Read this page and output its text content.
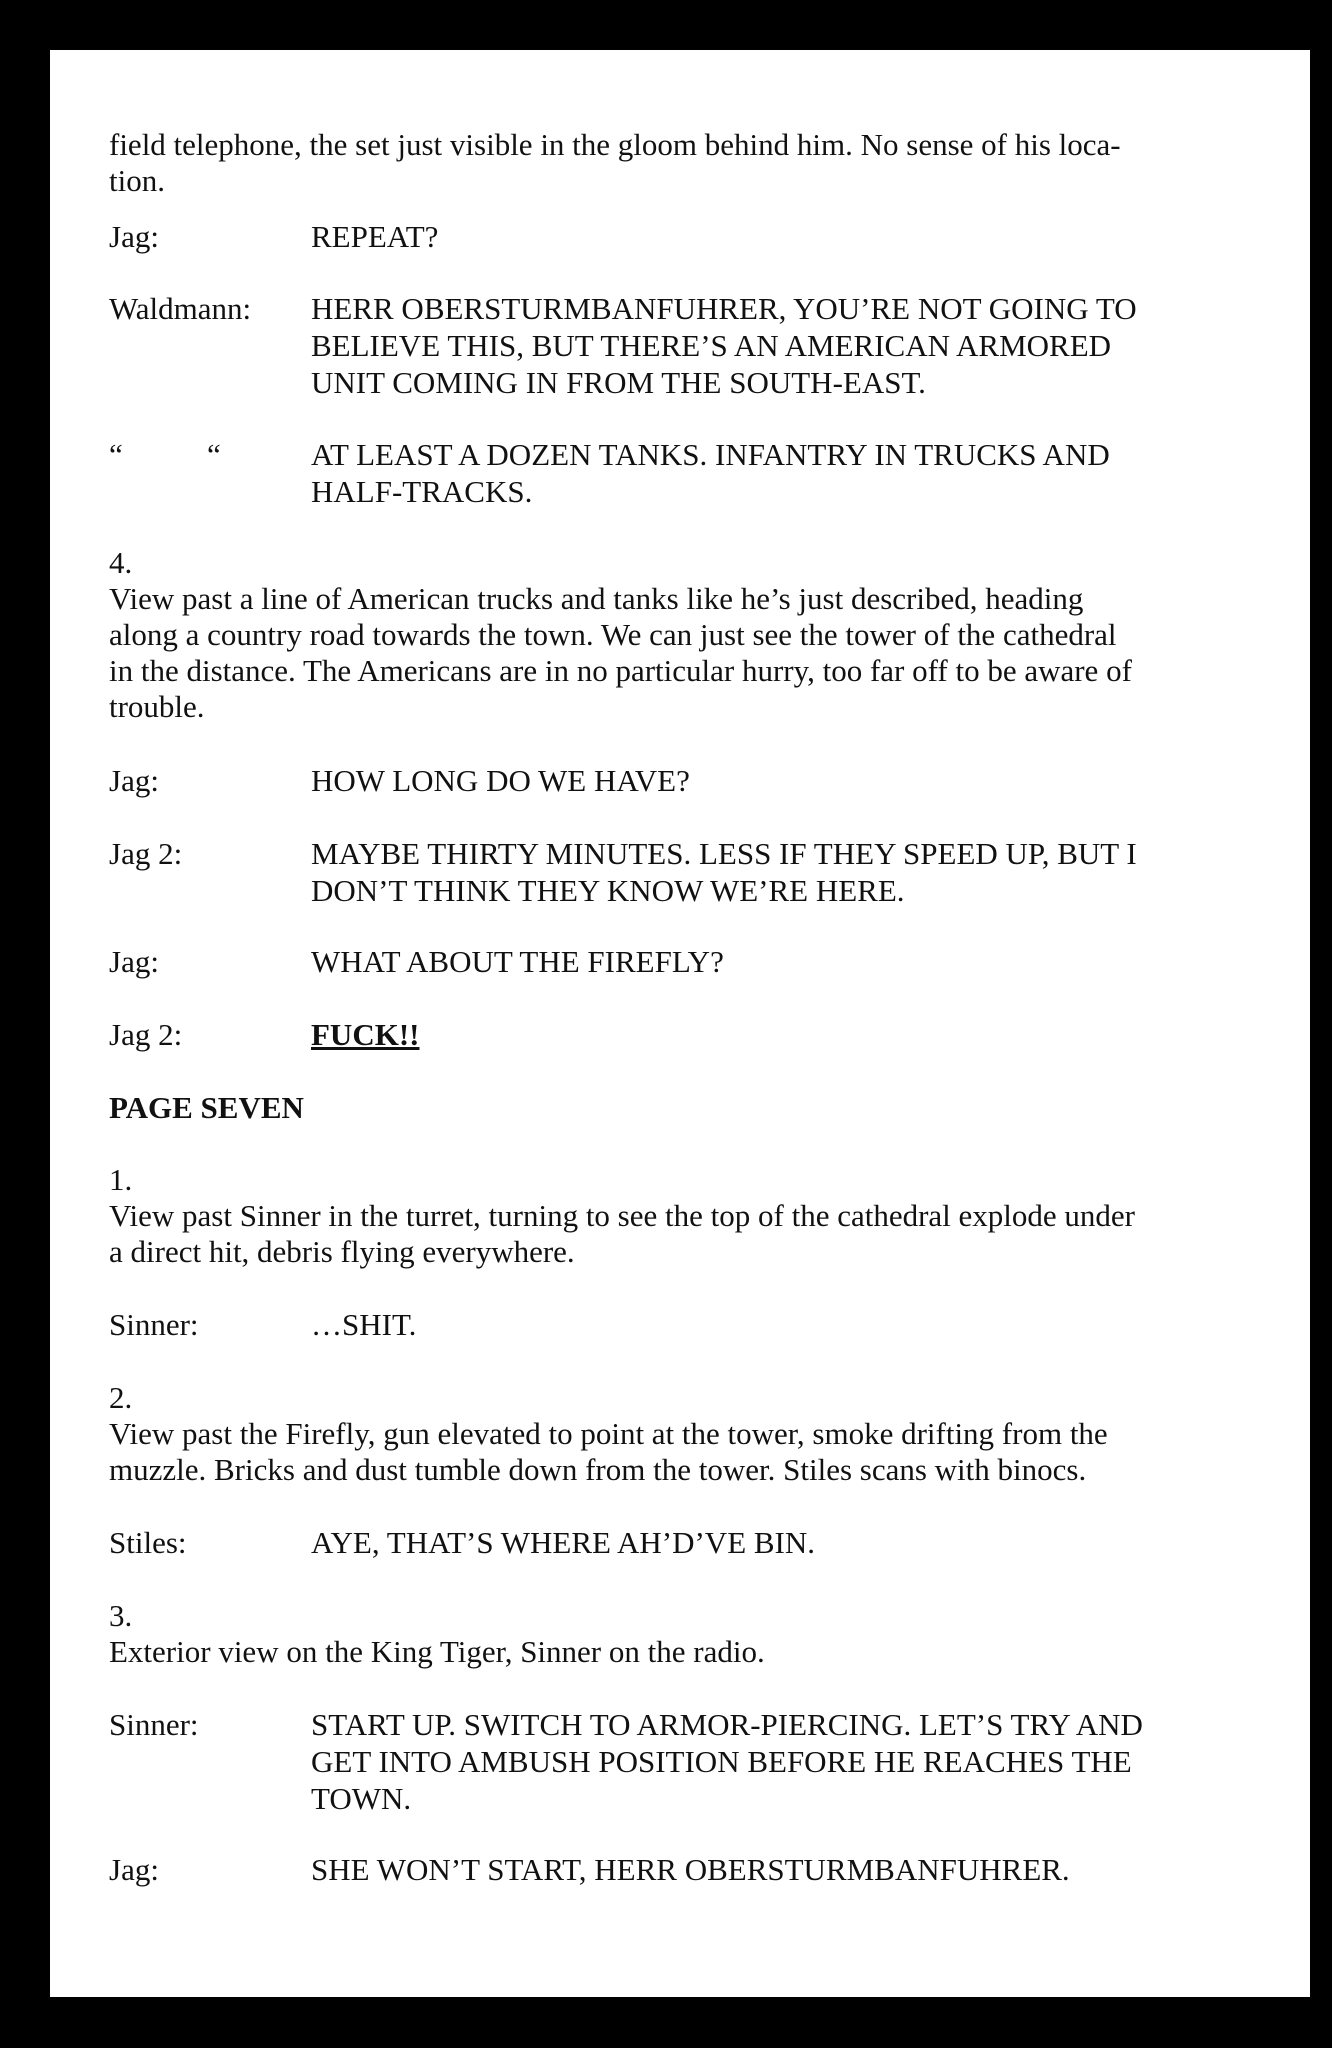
field telephone, the set just visible in the gloom behind him. No sense of his loca-
tion.
Jag:	REPEAT?
Waldmann: HERR OBERSTURMBANFUHRER, YOU’RE NOT GOING TO
BELIEVE THIS, BUT THERE’S AN AMERICAN ARMORED
UNIT COMING IN FROM THE SOUTH-EAST.
“	“	AT LEAST A DOZEN TANKS. INFANTRY IN TRUCKS AND
HALF-TRACKS.
4.
View past a line of American trucks and tanks like he’s just described, heading
along a country road towards the town. We can just see the tower of the cathedral
in the distance. The Americans are in no particular hurry, too far off to be aware of
trouble.
Jag:	HOW LONG DO WE HAVE?
Jag 2:	MAYBE THIRTY MINUTES. LESS IF THEY SPEED UP, BUT I
DON’T THINK THEY KNOW WE’RE HERE.
Jag:	WHAT ABOUT THE FIREFLY?
Jag 2:	FUCK!!
PAGE SEVEN
1.
View past Sinner in the turret, turning to see the top of the cathedral explode under
a direct hit, debris flying everywhere.
Sinner:	…SHIT.
2.
View past the Firefly, gun elevated to point at the tower, smoke drifting from the
muzzle. Bricks and dust tumble down from the tower. Stiles scans with binocs.
Stiles:	AYE, THAT’S WHERE AH’D’VE BIN.
3.
Exterior view on the King Tiger, Sinner on the radio.
Sinner:	START UP. SWITCH TO ARMOR-PIERCING. LET’S TRY AND
GET INTO AMBUSH POSITION BEFORE HE REACHES THE
TOWN.
Jag:	SHE WON’T START, HERR OBERSTURMBANFUHRER.
